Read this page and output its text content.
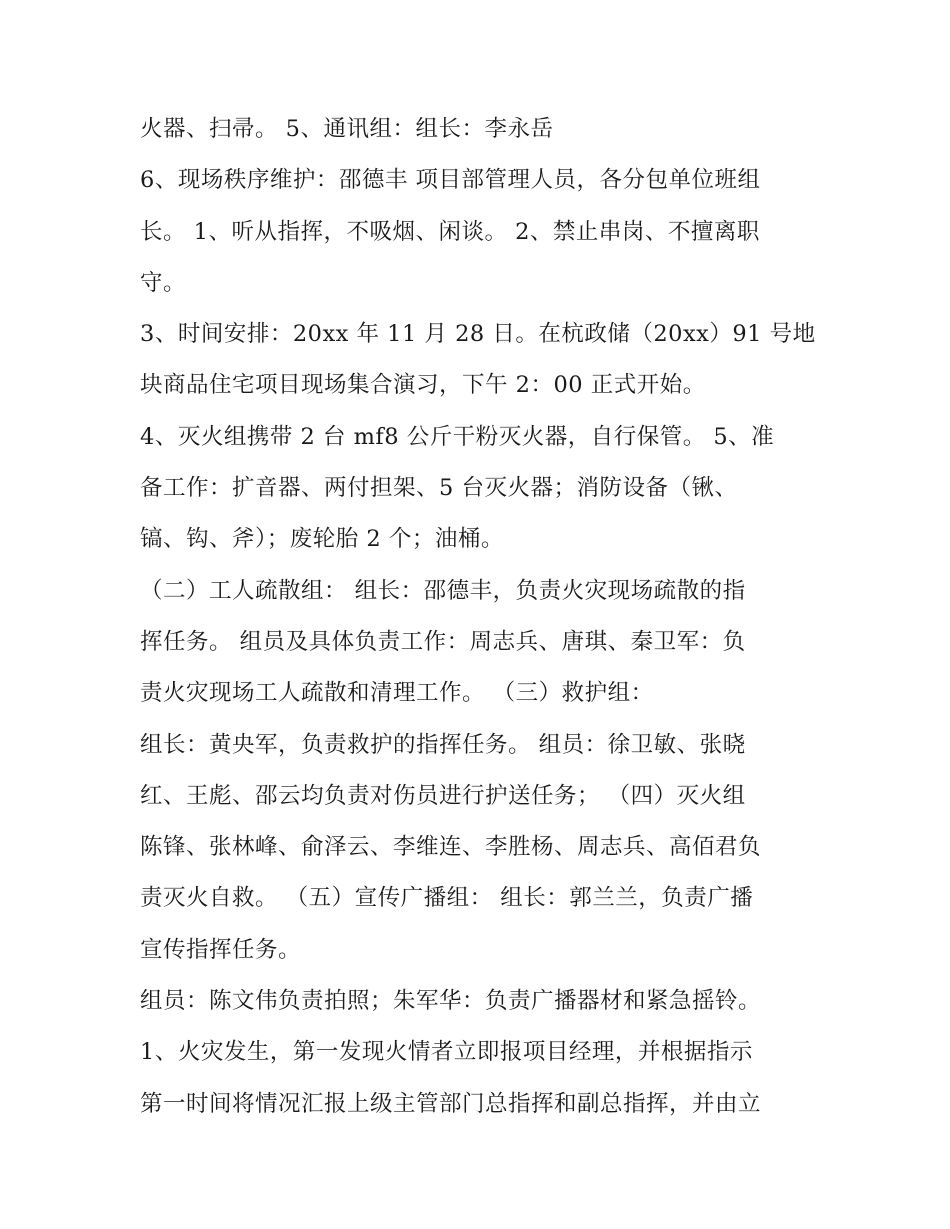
火器、扫帚。 5、通讯组：组长：李永岳
6、现场秩序维护：邵德丰 项目部管理人员，各分包单位班组
长。 1、听从指挥，不吸烟、闲谈。 2、禁止串岗、不擅离职
守。
3、时间安排：20xx 年 11 月 28 日。在杭政储（20xx）91 号地
块商品住宅项目现场集合演习，下午 2：00 正式开始。
4、灭火组携带 2 台 mf8 公斤干粉灭火器，自行保管。 5、准
备工作：扩音器、两付担架、5 台灭火器；消防设备（锹、
镐、钩、斧）；废轮胎 2 个；油桶。
（二）工人疏散组： 组长：邵德丰，负责火灾现场疏散的指
挥任务。 组员及具体负责工作：周志兵、唐琪、秦卫军：负
责火灾现场工人疏散和清理工作。 （三）救护组：
组长：黄央军，负责救护的指挥任务。 组员：徐卫敏、张晓
红、王彪、邵云均负责对伤员进行护送任务； （四）灭火组
陈锋、张林峰、俞泽云、李维连、李胜杨、周志兵、高佰君负
责灭火自救。 （五）宣传广播组： 组长：郭兰兰，负责广播
宣传指挥任务。
组员：陈文伟负责拍照；朱军华：负责广播器材和紧急摇铃。
1、火灾发生，第一发现火情者立即报项目经理，并根据指示
第一时间将情况汇报上级主管部门总指挥和副总指挥，并由立
